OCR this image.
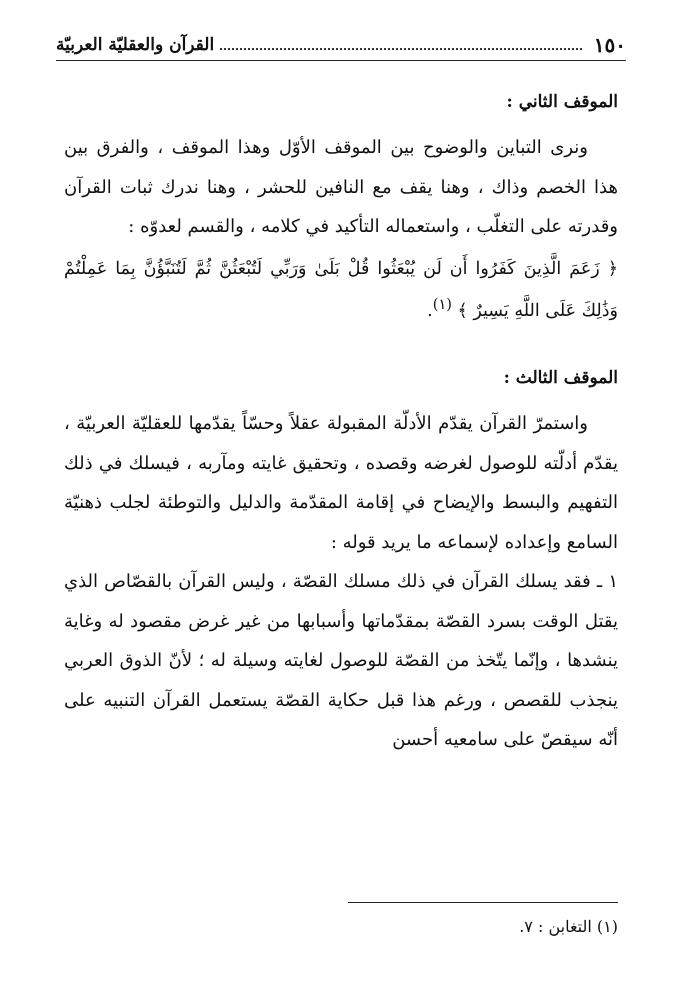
١٥٠
القرآن والعقليّة العربيّة

الموقف الثاني :

ونرى التباين والوضوح بين الموقف الأوّل وهذا الموقف ، والفرق بين هذا الخصم وذاك ، وهنا يقف مع النافين للحشر ، وهنا ندرك ثبات القرآن وقدرته على التغلّب ، واستعماله التأكيد في كلامه ، والقسم لعدوّه :

﴿ زَعَمَ الَّذِينَ كَفَرُوا أَن لَن يُبْعَثُوا قُلْ بَلَىٰ وَرَبِّي لَتُبْعَثُنَّ ثُمَّ لَتُنَبَّؤُنَّ بِمَا عَمِلْتُمْ وَذَٰلِكَ عَلَى اللَّهِ يَسِيرٌ ﴾ $^{(١)}$.

الموقف الثالث :

واستمرّ القرآن يقدّم الأدلّة المقبولة عقلاً وحسّاً يقدّمها للعقليّة العربيّة ، يقدّم أدلّته للوصول لغرضه وقصده ، وتحقيق غايته ومآربه ، فيسلك في ذلك التفهيم والبسط والإيضاح في إقامة المقدّمة والدليل والتوطئة لجلب ذهنيّة السامع وإعداده لإسماعه ما يريد قوله :

١ ـ فقد يسلك القرآن في ذلك مسلك القصّة ، وليس القرآن بالقصّاص الذي يقتل الوقت بسرد القصّة بمقدّماتها وأسبابها من غير غرض مقصود له وغاية ينشدها ، وإنّما يتّخذ من القصّة للوصول لغايته وسيلة له ؛ لأنّ الذوق العربي ينجذب للقصص ، ورغم هذا قبل حكاية القصّة يستعمل القرآن التنبيه على أنّه سيقصّ على سامعيه أحسن

(١) التغابن : ٧.
